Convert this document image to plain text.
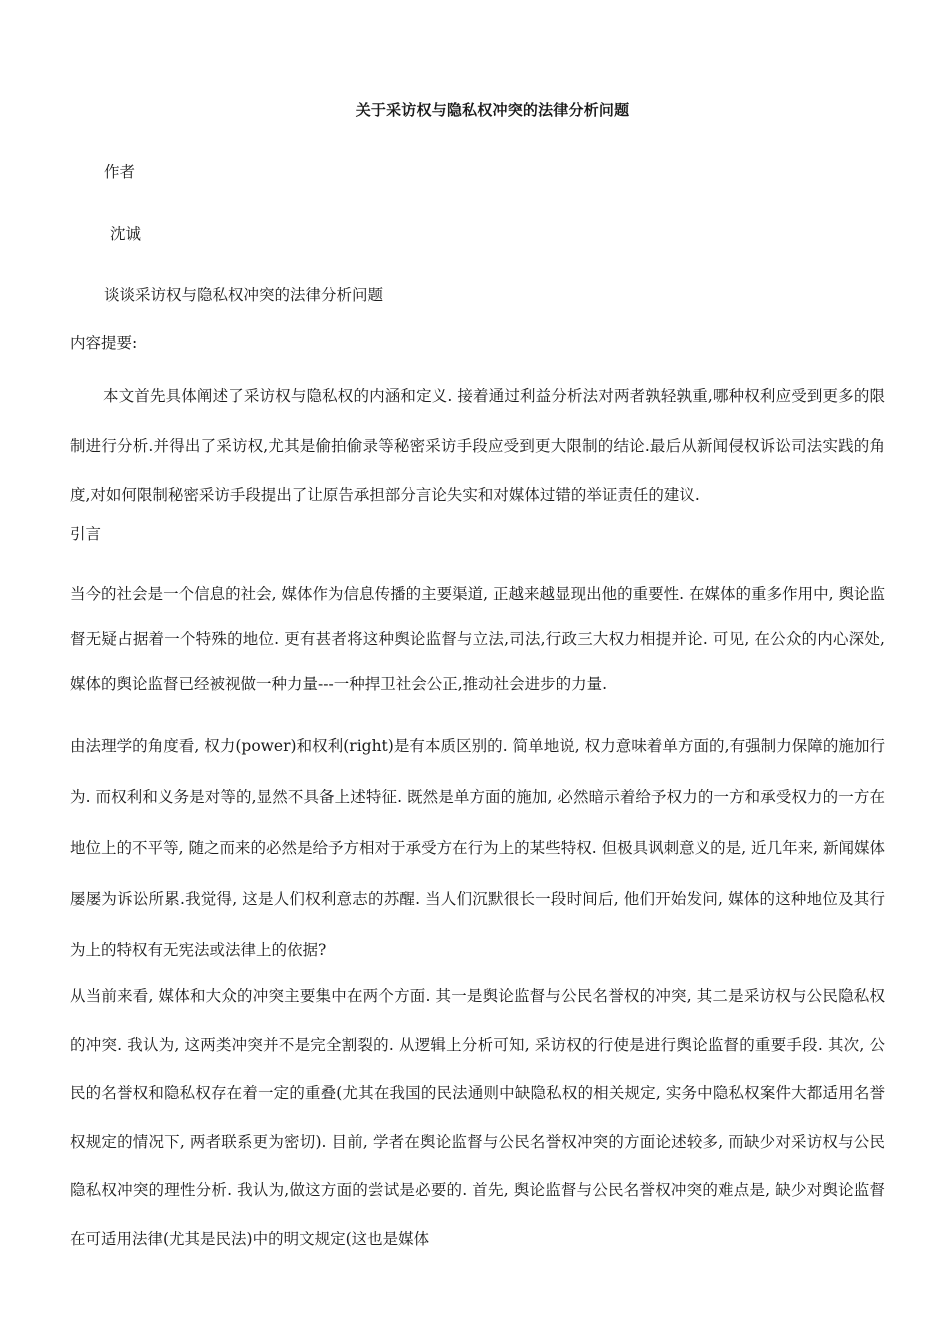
关于采访权与隐私权冲突的法律分析问题
作者
沈诚
谈谈采访权与隐私权冲突的法律分析问题
内容提要:

本文首先具体阐述了采访权与隐私权的内涵和定义. 接着通过利益分析法对两者孰轻孰重,哪种权利应受到更多的限制进行分析.并得出了采访权,尤其是偷拍偷录等秘密采访手段应受到更大限制的结论.最后从新闻侵权诉讼司法实践的角度,对如何限制秘密采访手段提出了让原告承担部分言论失实和对媒体过错的举证责任的建议.

引言

当今的社会是一个信息的社会, 媒体作为信息传播的主要渠道, 正越来越显现出他的重要性. 在媒体的重多作用中, 舆论监督无疑占据着一个特殊的地位. 更有甚者将这种舆论监督与立法,司法,行政三大权力相提并论. 可见, 在公众的内心深处, 媒体的舆论监督已经被视做一种力量---一种捍卫社会公正,推动社会进步的力量.

由法理学的角度看, 权力(power)和权利(right)是有本质区别的. 简单地说, 权力意味着单方面的,有强制力保障的施加行为. 而权利和义务是对等的,显然不具备上述特征. 既然是单方面的施加, 必然暗示着给予权力的一方和承受权力的一方在地位上的不平等, 随之而来的必然是给予方相对于承受方在行为上的某些特权. 但极具讽刺意义的是, 近几年来, 新闻媒体屡屡为诉讼所累.我觉得, 这是人们权利意志的苏醒. 当人们沉默很长一段时间后, 他们开始发问, 媒体的这种地位及其行为上的特权有无宪法或法律上的依据?

从当前来看, 媒体和大众的冲突主要集中在两个方面. 其一是舆论监督与公民名誉权的冲突, 其二是采访权与公民隐私权的冲突. 我认为, 这两类冲突并不是完全割裂的. 从逻辑上分析可知, 采访权的行使是进行舆论监督的重要手段. 其次, 公民的名誉权和隐私权存在着一定的重叠(尤其在我国的民法通则中缺隐私权的相关规定, 实务中隐私权案件大都适用名誉权规定的情况下, 两者联系更为密切). 目前, 学者在舆论监督与公民名誉权冲突的方面论述较多, 而缺少对采访权与公民隐私权冲突的理性分析. 我认为,做这方面的尝试是必要的. 首先, 舆论监督与公民名誉权冲突的难点是, 缺少对舆论监督在可适用法律(尤其是民法)中的明文规定(这也是媒体
